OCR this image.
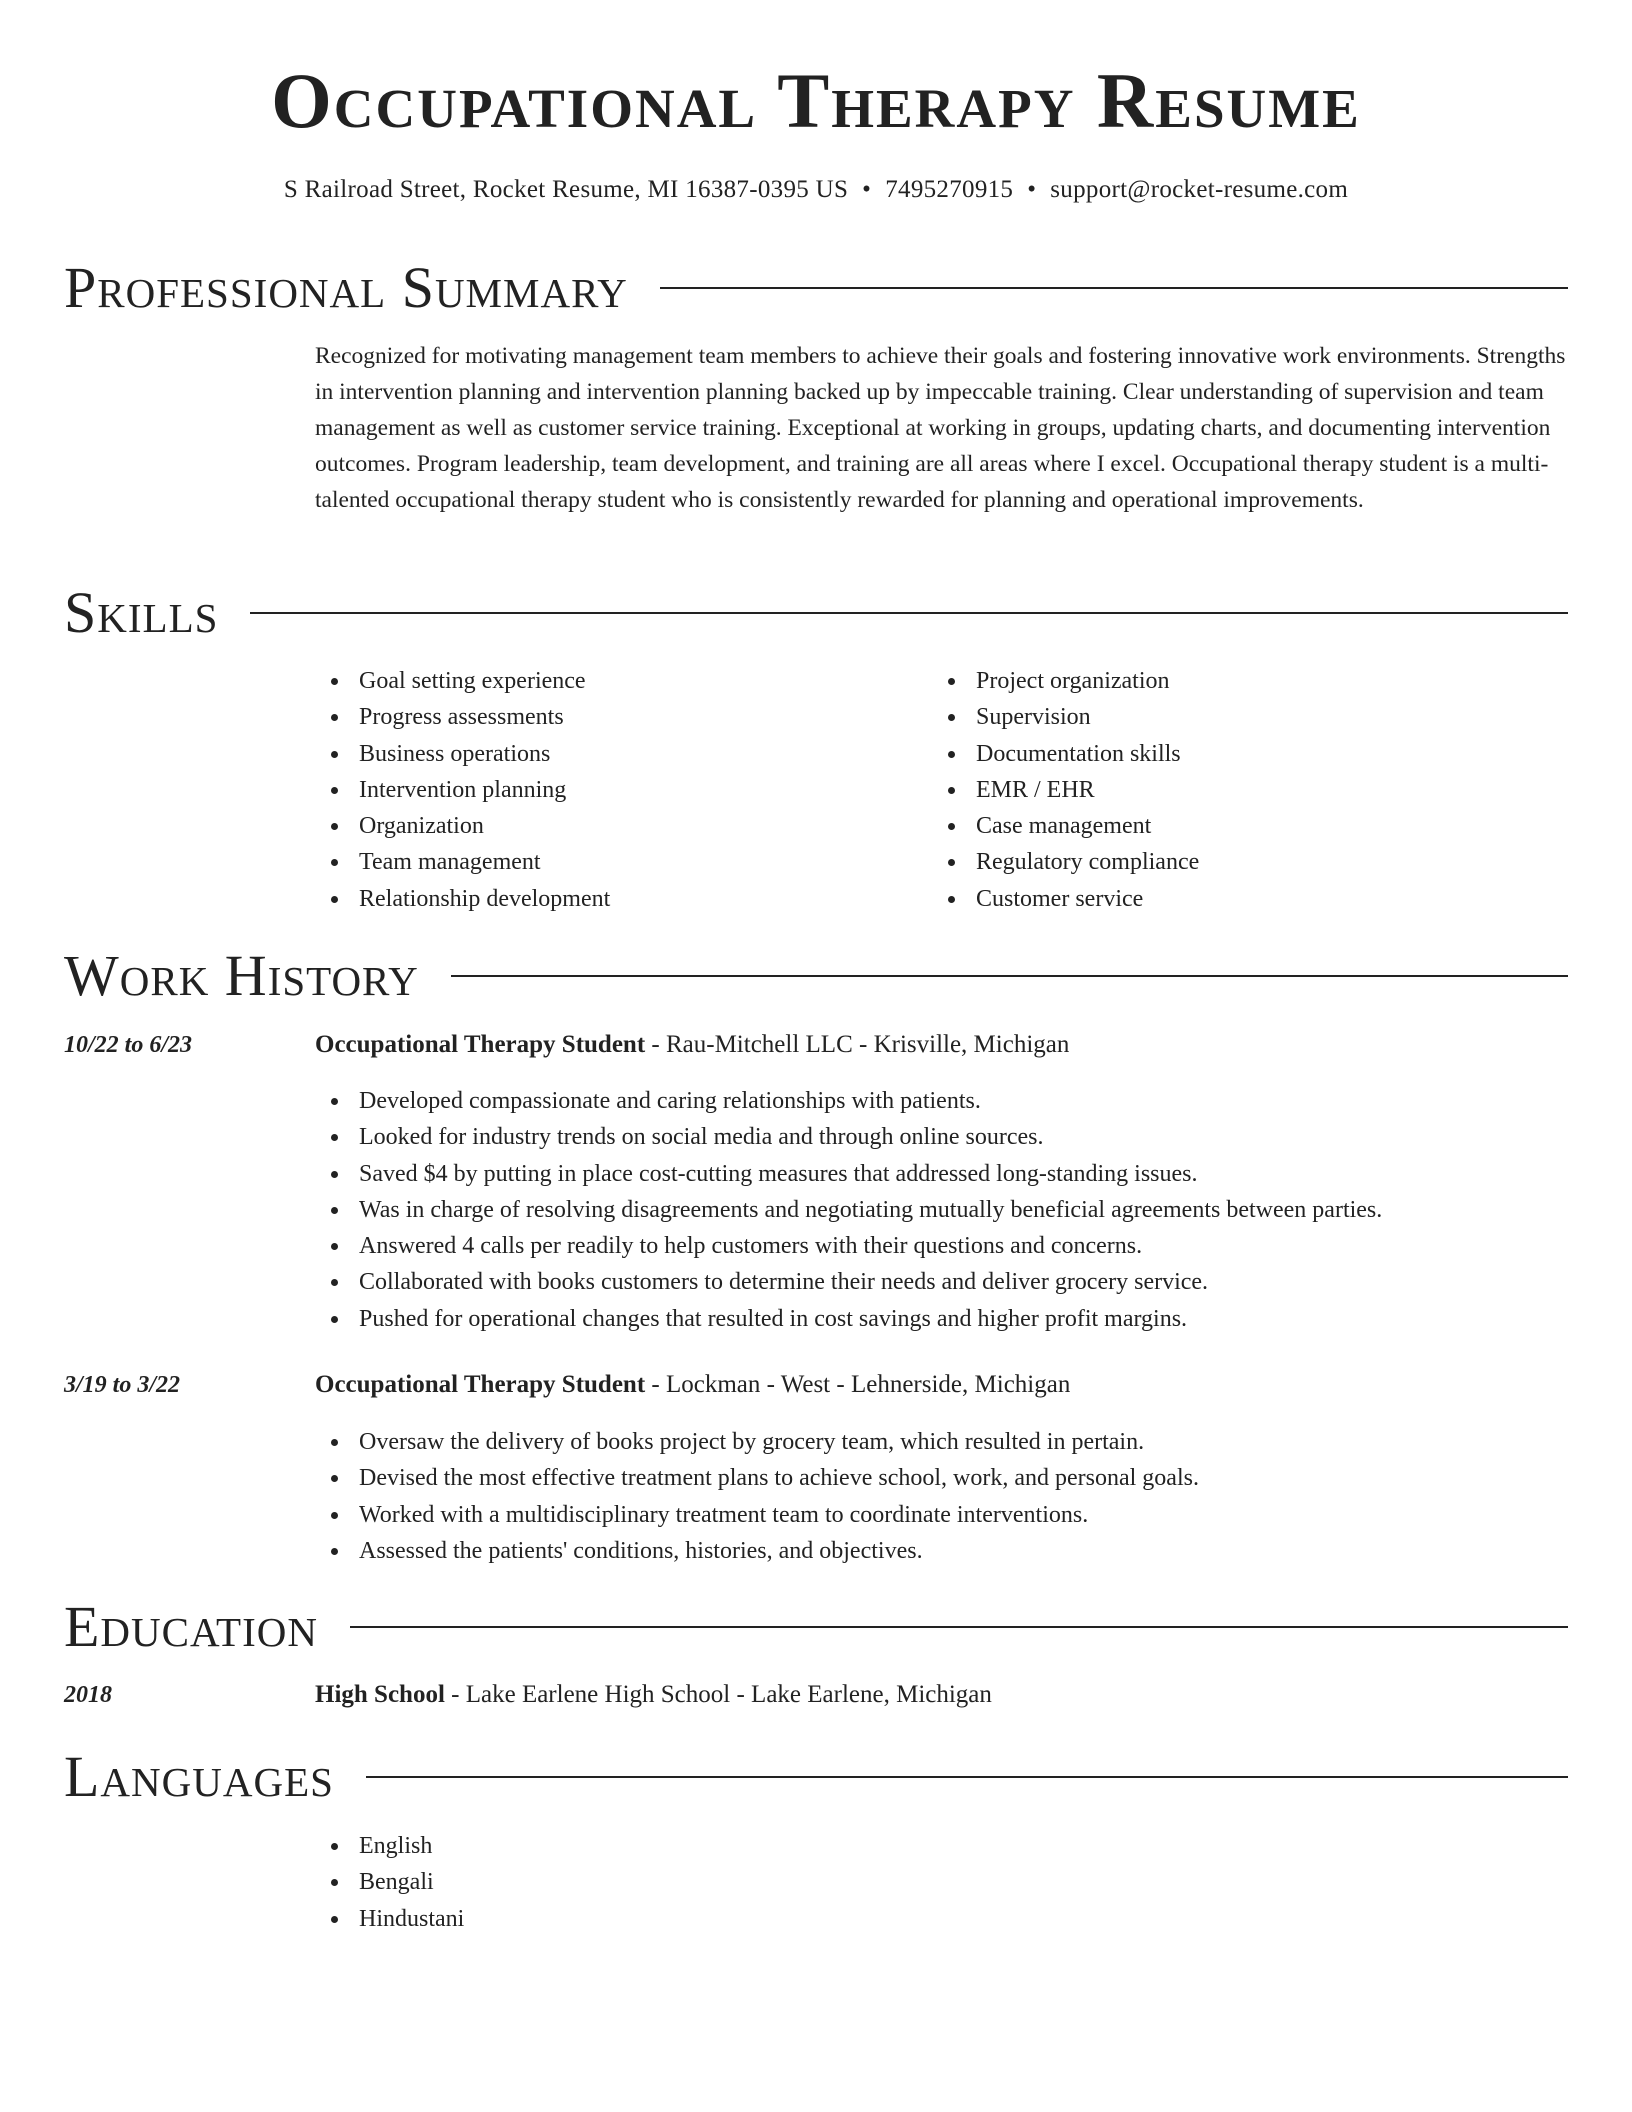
Occupational Therapy Resume
S Railroad Street, Rocket Resume, MI 16387-0395 US • 7495270915 • support@rocket-resume.com
Professional Summary

Recognized for motivating management team members to achieve their goals and fostering innovative work environments. Strengths in intervention planning and intervention planning backed up by impeccable training. Clear understanding of supervision and team management as well as customer service training. Exceptional at working in groups, updating charts, and documenting intervention outcomes. Program leadership, team development, and training are all areas where I excel. Occupational therapy student is a multi-talented occupational therapy student who is consistently rewarded for planning and operational improvements.

Skills
Goal setting experience
Progress assessments
Business operations
Intervention planning
Organization
Team management
Relationship development
Project organization
Supervision
Documentation skills
EMR / EHR
Case management
Regulatory compliance
Customer service
Work History
10/22 to 6/23	Occupational Therapy Student - Rau-Mitchell LLC - Krisville, Michigan
Developed compassionate and caring relationships with patients.
Looked for industry trends on social media and through online sources.
Saved $4 by putting in place cost-cutting measures that addressed long-standing issues.
Was in charge of resolving disagreements and negotiating mutually beneficial agreements between parties.
Answered 4 calls per readily to help customers with their questions and concerns.
Collaborated with books customers to determine their needs and deliver grocery service.
Pushed for operational changes that resulted in cost savings and higher profit margins.
3/19 to 3/22	Occupational Therapy Student - Lockman - West - Lehnerside, Michigan
Oversaw the delivery of books project by grocery team, which resulted in pertain.
Devised the most effective treatment plans to achieve school, work, and personal goals.
Worked with a multidisciplinary treatment team to coordinate interventions.
Assessed the patients' conditions, histories, and objectives.
Education
2018	High School - Lake Earlene High School - Lake Earlene, Michigan
Languages
English
Bengali
Hindustani
